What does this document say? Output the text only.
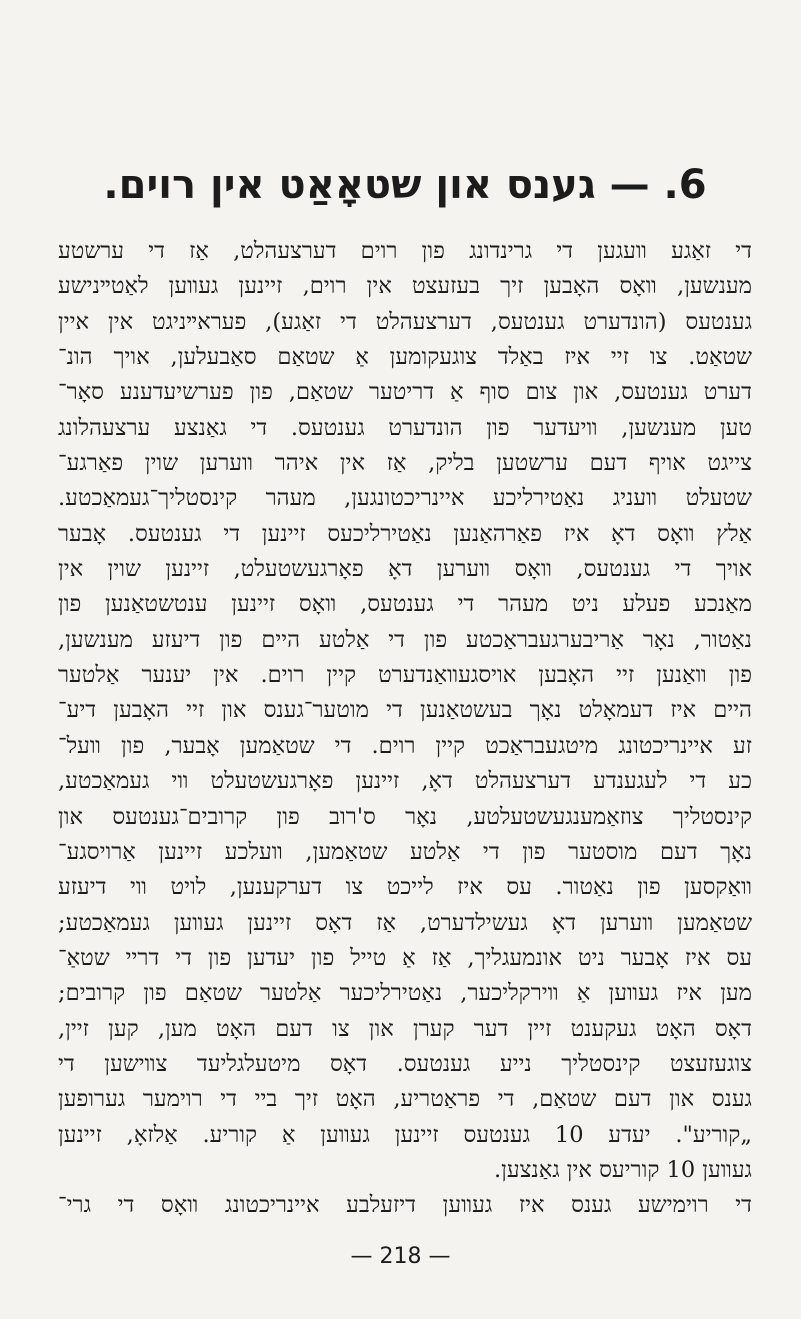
6. — גענס און שטאָאַט אין רוים.
די זאַגע װעגען די גרינדונג פון רוים דערצעהלט, אַז די ערשטע
מענשען, װאָס האָבען זיך בעזעצט אין רוים, זיינען געװען לאַטײנישע
גענטעס (הונדערט גענטעס, דערצעהלט די זאַגע), פעראײניגט אין איין
שטאַט. צו זיי איז באַלד צוגעקומען אַ שטאַם סאַבעלען, אויך הונ־
דערט גענטעס, און צום סוף אַ דריטער שטאַם, פון פערשיעדענע סאָר־
טען מענשען, װיעדער פון הונדערט גענטעס. די גאַנצע ערצעהלונג
צייגט אויף דעם ערשטען בליק, אַז אין איהר װערען שוין פאַרגע־
שטעלט װעניג נאַטירליכע איינריכטונגען, מעהר קינסטליך־געמאַכטע.
אַלץ װאָס דאָ איז פאַרהאַנען נאַטירליכעס זיינען די גענטעס. אָבער
אויך די גענטעס, װאָס װערען דאָ פאָרגעשטעלט, זיינען שוין אין
מאַנכע פעלע ניט מעהר די גענטעס, װאָס זיינען ענטשטאַנען פון
נאַטור, נאָר אַריבערגעבראַכטע פון די אַלטע היים פון דיעזע מענשען,
פון װאַנען זיי האָבען אויסגעװאַנדערט קיין רוים. אין יענער אַלטער
היים איז דעמאָלט נאָך בעשטאַנען די מוטער־גענס און זיי האָבען דיע־
זע איינריכטונג מיטגעבראַכט קיין רוים. די שטאַמען אָבער, פון װעל־
כע די לעגענדע דערצעהלט דאָ, זיינען פאָרגעשטעלט װי געמאַכטע,
קינסטליך צוזאַמענגעשטעלטע, נאָר ס'רוב פון קרובים־גענטעס און
נאָך דעם מוסטער פון די אַלטע שטאַמען, װעלכע זיינען אַרויסגע־
װאַקסען פון נאַטור. עס איז לייכט צו דערקענען, לויט װי דיעזע
שטאַמען װערען דאָ געשילדערט, אַז דאָס זיינען געװען געמאַכטע;
עס איז אָבער ניט אונמעגליך, אַז אַ טייל פון יעדען פון די דריי שטאַ־
מען איז געװען אַ װירקליכער, נאַטירליכער אַלטער שטאַם פון קרובים;
דאָס האָט געקענט זיין דער קערן און צו דעם האָט מען, קען זיין,
צוגעזעצט קינסטליך נייע גענטעס. דאָס מיטעלגליעד צװישען די
גענס און דעם שטאַם, די פראַטריע, האָט זיך ביי די רוימער גערופען
„קוריע". יעדע 10 גענטעס זיינען געװען אַ קוריע. אַלזאָ, זיינען
געװען 10 קוריעס אין גאַנצען.
די רוימישע גענס איז געװען דיזעלבע איינריכטונג װאָס די גרי־
— 218 —
